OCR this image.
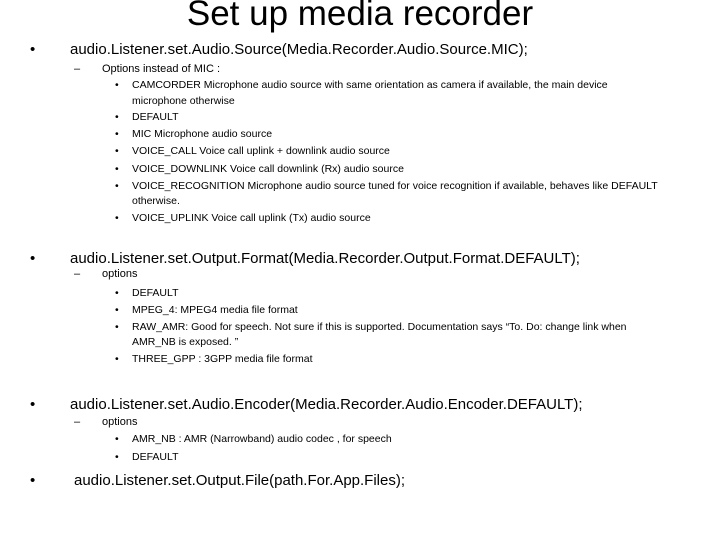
Set up media recorder
• audio.Listener.set.Audio.Source(Media.Recorder.Audio.Source.MIC);
– Options instead of MIC :
• CAMCORDER Microphone audio source with same orientation as camera if available, the main device
microphone otherwise
• DEFAULT
• MIC Microphone audio source
• VOICE_CALL Voice call uplink + downlink audio source
• VOICE_DOWNLINK Voice call downlink (Rx) audio source
• VOICE_RECOGNITION Microphone audio source tuned for voice recognition if available, behaves like DEFAULT
otherwise.
• VOICE_UPLINK Voice call uplink (Tx) audio source
• audio.Listener.set.Output.Format(Media.Recorder.Output.Format.DEFAULT);
– options
• DEFAULT
• MPEG_4: MPEG4 media file format
• RAW_AMR: Good for speech. Not sure if this is supported. Documentation says “To. Do: change link when
AMR_NB is exposed. ”
• THREE_GPP : 3GPP media file format
• audio.Listener.set.Audio.Encoder(Media.Recorder.Audio.Encoder.DEFAULT);
– options
• AMR_NB : AMR (Narrowband) audio codec , for speech
• DEFAULT
•	audio.Listener.set.Output.File(path.For.App.Files);
